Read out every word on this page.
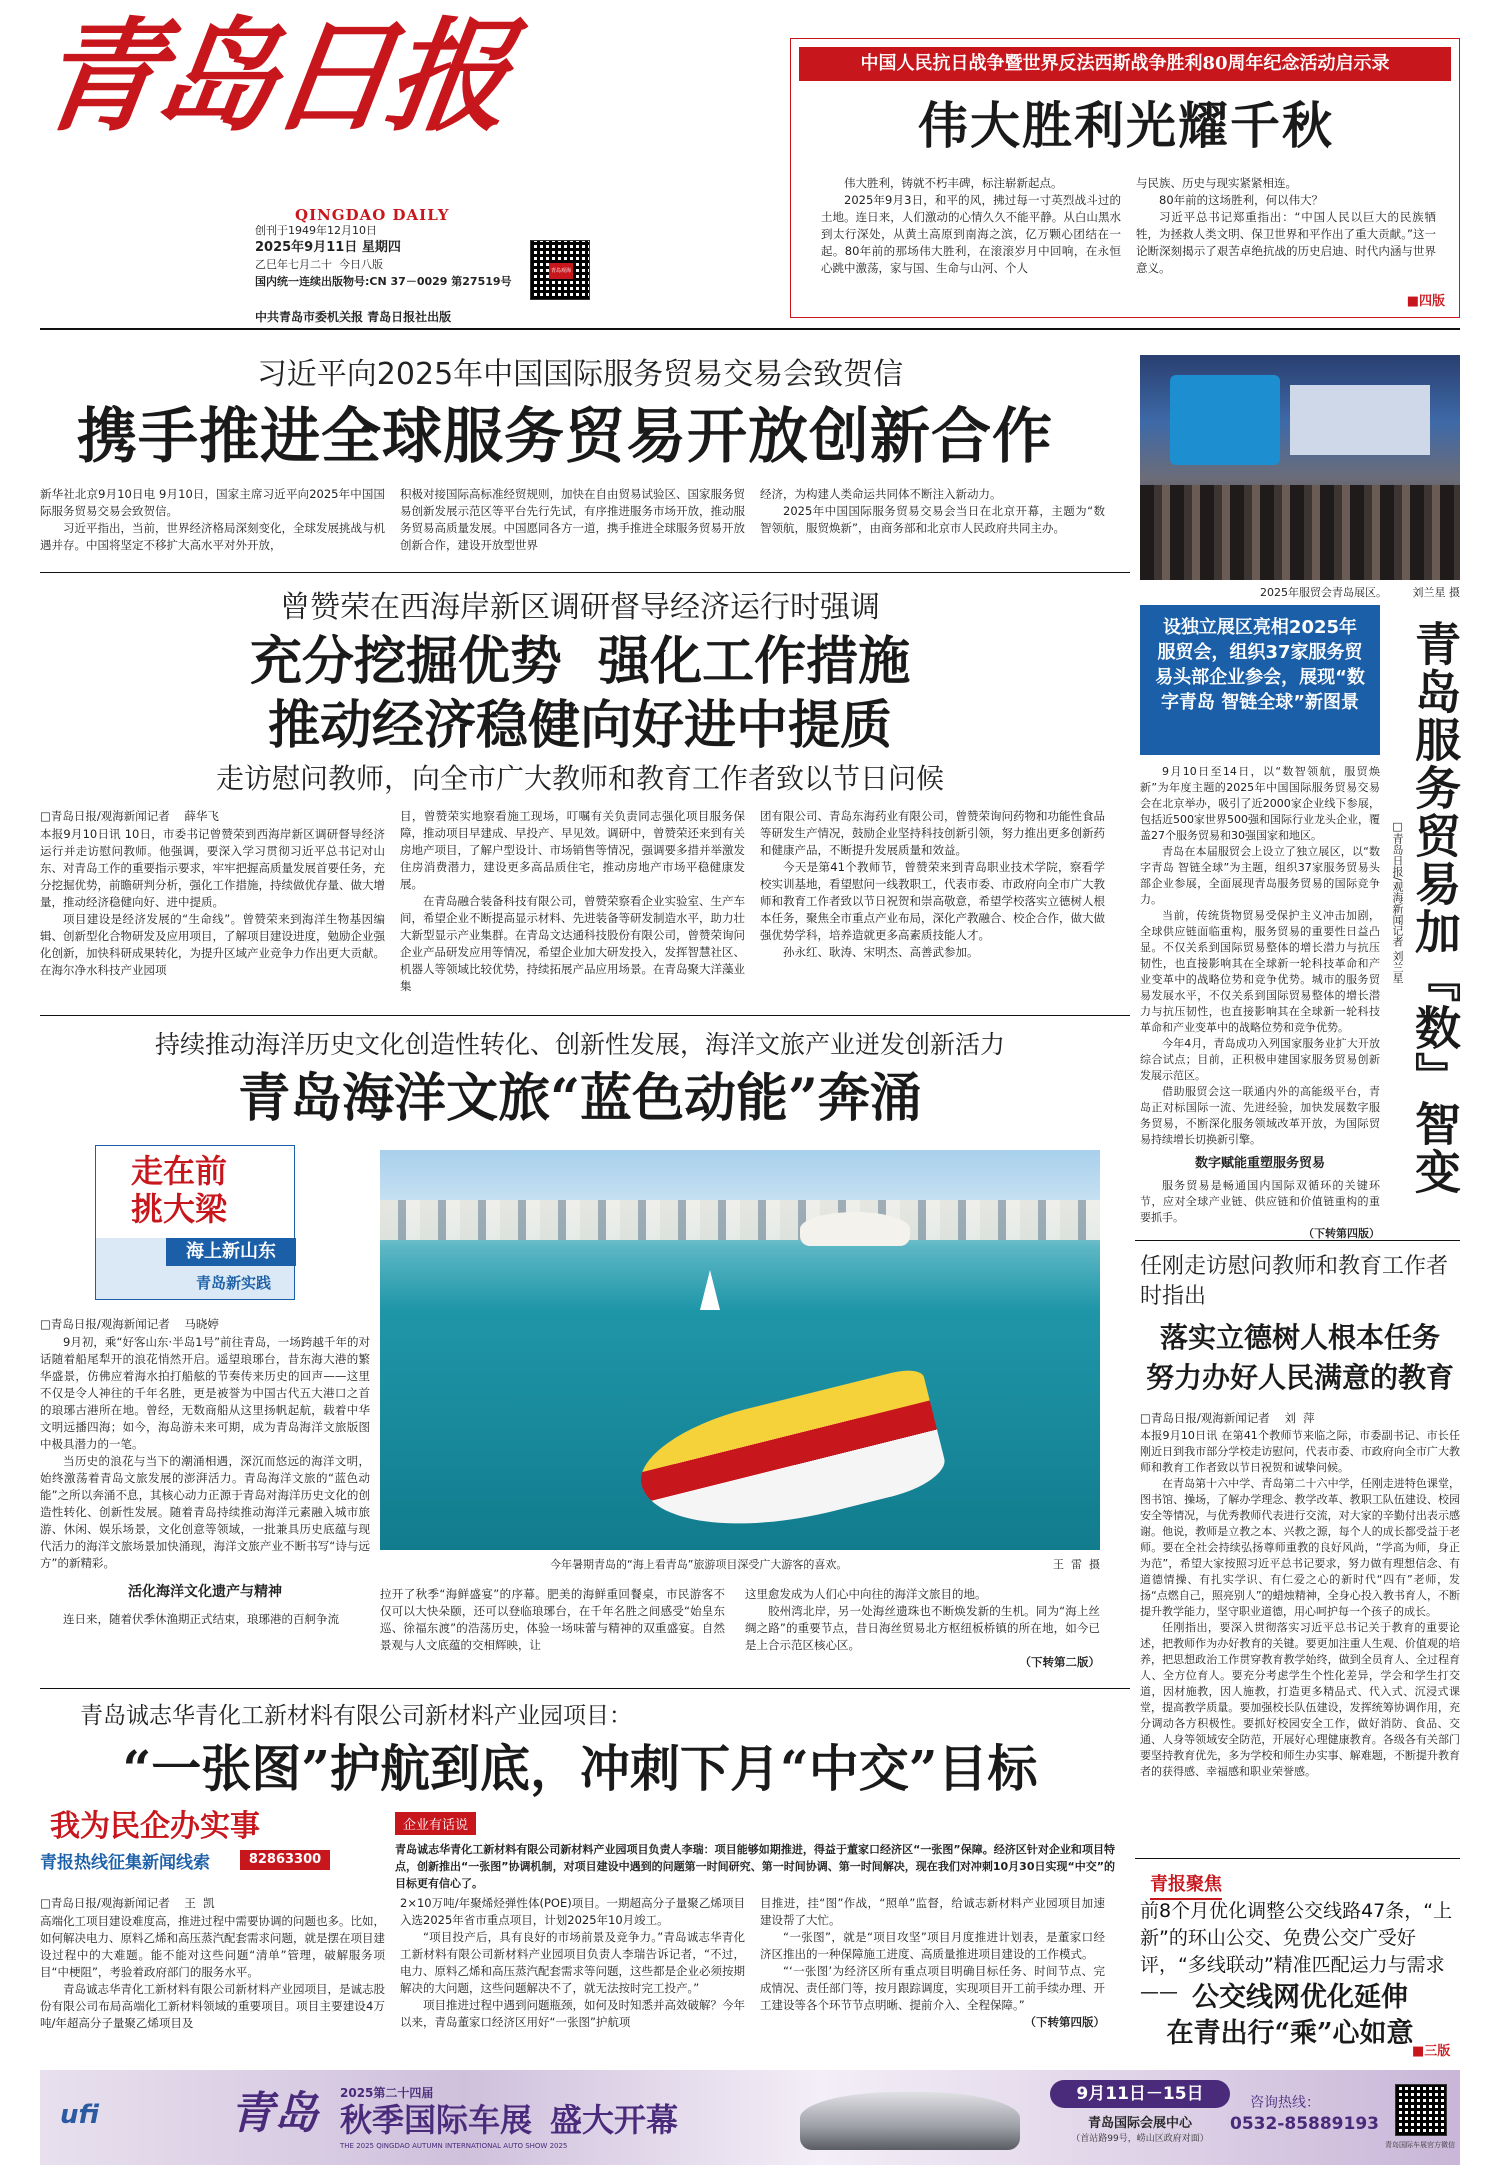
青岛日报
QINGDAO DAILY
创刊于1949年12月10日
2025年9月11日 星期四
乙巳年七月二十 今日八版
国内统一连续出版物号:CN 37－0029 第27519号
青岛观海
中共青岛市委机关报 青岛日报社出版
中国人民抗日战争暨世界反法西斯战争胜利80周年纪念活动启示录
伟大胜利光耀千秋

伟大胜利，铸就不朽丰碑，标注崭新起点。

2025年9月3日，和平的风，拂过每一寸英烈战斗过的土地。连日来，人们激动的心情久久不能平静。从白山黑水到太行深处，从黄土高原到南海之滨，亿万颗心团结在一起。80年前的那场伟大胜利，在滚滚岁月中回响，在永恒心跳中激荡，家与国、生命与山河、个人

与民族、历史与现实紧紧相连。

80年前的这场胜利，何以伟大？

习近平总书记郑重指出：“中国人民以巨大的民族牺牲，为拯救人类文明、保卫世界和平作出了重大贡献。”这一论断深刻揭示了艰苦卓绝抗战的历史启迪、时代内涵与世界意义。

■四版
习近平向2025年中国国际服务贸易交易会致贺信
携手推进全球服务贸易开放创新合作
新华社北京9月10日电 9月10日，国家主席习近平向2025年中国国际服务贸易交易会致贺信。

习近平指出，当前，世界经济格局深刻变化，全球发展挑战与机遇并存。中国将坚定不移扩大高水平对外开放，

积极对接国际高标准经贸规则，加快在自由贸易试验区、国家服务贸易创新发展示范区等平台先行先试，有序推进服务市场开放，推动服务贸易高质量发展。中国愿同各方一道，携手推进全球服务贸易开放创新合作，建设开放型世界
经济，为构建人类命运共同体不断注入新动力。

2025年中国国际服务贸易交易会当日在北京开幕，主题为“数智领航，服贸焕新”，由商务部和北京市人民政府共同主办。

2025年服贸会青岛展区。 刘兰星 摄
曾赞荣在西海岸新区调研督导经济运行时强调
充分挖掘优势  强化工作措施
推动经济稳健向好进中提质
走访慰问教师，向全市广大教师和教育工作者致以节日问候
□青岛日报/观海新闻记者    薛华飞
本报9月10日讯 10日，市委书记曾赞荣到西海岸新区调研督导经济运行并走访慰问教师。他强调，要深入学习贯彻习近平总书记对山东、对青岛工作的重要指示要求，牢牢把握高质量发展首要任务，充分挖掘优势，前瞻研判分析，强化工作措施，持续做优存量、做大增量，推动经济稳健向好、进中提质。

项目建设是经济发展的“生命线”。曾赞荣来到海洋生物基因编辑、创新型化合物研发及应用项目，了解项目建设进度，勉励企业强化创新，加快科研成果转化，为提升区域产业竞争力作出更大贡献。在海尔净水科技产业园项

目，曾赞荣实地察看施工现场，叮嘱有关负责同志强化项目服务保障，推动项目早建成、早投产、早见效。调研中，曾赞荣还来到有关房地产项目，了解户型设计、市场销售等情况，强调要多措并举激发住房消费潜力，建设更多高品质住宅，推动房地产市场平稳健康发展。

在青岛融合装备科技有限公司，曾赞荣察看企业实验室、生产车间，希望企业不断提高显示材料、先进装备等研发制造水平，助力壮大新型显示产业集群。在青岛文达通科技股份有限公司，曾赞荣询问企业产品研发应用等情况，希望企业加大研发投入，发挥智慧社区、机器人等领域比较优势，持续拓展产品应用场景。在青岛聚大洋藻业集

团有限公司、青岛东海药业有限公司，曾赞荣询问药物和功能性食品等研发生产情况，鼓励企业坚持科技创新引领，努力推出更多创新药和健康产品，不断提升发展质量和效益。

今天是第41个教师节，曾赞荣来到青岛职业技术学院，察看学校实训基地，看望慰问一线教职工，代表市委、市政府向全市广大教师和教育工作者致以节日祝贺和崇高敬意，希望学校落实立德树人根本任务，聚焦全市重点产业布局，深化产教融合、校企合作，做大做强优势学科，培养造就更多高素质技能人才。

孙永红、耿涛、宋明杰、高善武参加。

设独立展区亮相2025年服贸会，组织37家服务贸易头部企业参会，展现“数字青岛 智链全球”新图景 青岛服务贸易加『数』智变
□青岛日报/观海新闻记者 刘兰星

9月10日至14日，以“数智领航，服贸焕新”为年度主题的2025年中国国际服务贸易交易会在北京举办，吸引了近2000家企业线下参展，包括近500家世界500强和国际行业龙头企业，覆盖27个服务贸易和30强国家和地区。

青岛在本届服贸会上设立了独立展区，以“数字青岛 智链全球”为主题，组织37家服务贸易头部企业参展，全面展现青岛服务贸易的国际竞争力。

当前，传统货物贸易受保护主义冲击加剧，全球供应链面临重构，服务贸易的重要性日益凸显。不仅关系到国际贸易整体的增长潜力与抗压韧性，也直接影响其在全球新一轮科技革命和产业变革中的战略位势和竞争优势。城市的服务贸易发展水平，不仅关系到国际贸易整体的增长潜力与抗压韧性，也直接影响其在全球新一轮科技革命和产业变革中的战略位势和竞争优势。

今年4月，青岛成功入列国家服务业扩大开放综合试点；目前，正积极申建国家服务贸易创新发展示范区。

借助服贸会这一联通内外的高能级平台，青岛正对标国际一流、先进经验，加快发展数字服务贸易，不断深化服务领域改革开放，为国际贸易持续增长切换新引擎。

数字赋能重塑服务贸易

服务贸易是畅通国内国际双循环的关键环节，应对全球产业链、供应链和价值链重构的重要抓手。

（下转第四版）
持续推动海洋历史文化创造性转化、创新性发展，海洋文旅产业迸发创新活力
青岛海洋文旅“蓝色动能”奔涌
走在前
挑大梁
海上新山东
青岛新实践
□青岛日报/观海新闻记者    马晓婷

9月初，乘“好客山东·半岛1号”前往青岛，一场跨越千年的对话随着船尾犁开的浪花悄然开启。遥望琅琊台，昔东海大港的繁华盛景，仿佛应着海水拍打船舷的节奏传来历史的回声——这里不仅是令人神往的千年名胜，更是被誉为中国古代五大港口之首的琅琊古港所在地。曾经，无数商船从这里扬帆起航，载着中华文明远播四海；如今，海岛游未来可期，成为青岛海洋文旅版图中极具潜力的一笔。

当历史的浪花与当下的潮涌相遇，深沉而悠远的海洋文明，始终激荡着青岛文旅发展的澎湃活力。青岛海洋文旅的“蓝色动能”之所以奔涌不息，其核心动力正源于青岛对海洋历史文化的创造性转化、创新性发展。随着青岛持续推动海洋元素融入城市旅游、休闲、娱乐场景，文化创意等领域，一批兼具历史底蕴与现代活力的海洋文旅场景加快涌现，海洋文旅产业不断书写“诗与远方”的新精彩。

活化海洋文化遗产与精神

连日来，随着伏季休渔期正式结束，琅琊港的百舸争流

今年暑期青岛的“海上看青岛”旅游项目深受广大游客的喜欢。	王  雷  摄
拉开了秋季“海鲜盛宴”的序幕。肥美的海鲜重回餐桌，市民游客不仅可以大快朵颐，还可以登临琅琊台，在千年名胜之间感受“始皇东巡、徐福东渡”的浩荡历史，体验一场味蕾与精神的双重盛宴。自然景观与人文底蕴的交相辉映，让
这里愈发成为人们心中向往的海洋文旅目的地。

胶州湾北岸，另一处海丝遗珠也不断焕发新的生机。同为“海上丝绸之路”的重要节点，昔日海丝贸易北方枢纽板桥镇的所在地，如今已是上合示范区核心区。

（下转第二版）
任刚走访慰问教师和教育工作者时指出
落实立德树人根本任务
努力办好人民满意的教育
□青岛日报/观海新闻记者    刘  萍
本报9月10日讯 在第41个教师节来临之际，市委副书记、市长任刚近日到我市部分学校走访慰问，代表市委、市政府向全市广大教师和教育工作者致以节日祝贺和诚挚问候。

在青岛第十六中学、青岛第二十六中学，任刚走进特色课堂，图书馆、操场，了解办学理念、教学改革、教职工队伍建设、校园安全等情况，与优秀教师代表进行交流，对大家的辛勤付出表示感谢。他说，教师是立教之本、兴教之源，每个人的成长都受益于老师。要在全社会持续弘扬尊师重教的良好风尚，“学高为师，身正为范”，希望大家按照习近平总书记要求，努力做有理想信念、有道德情操、有扎实学识、有仁爱之心的新时代“四有”老师，发扬“点燃自己，照亮别人”的蜡烛精神，全身心投入教书育人，不断提升教学能力，坚守职业道德，用心呵护每一个孩子的成长。

任刚指出，要深入贯彻落实习近平总书记关于教育的重要论述，把教师作为办好教育的关键。要更加注重人生观、价值观的培养，把思想政治工作贯穿教育教学始终，做到全员育人、全过程育人、全方位育人。要充分考虑学生个性化差异，学会和学生打交道，因材施教，因人施教，打造更多精品式、代入式、沉浸式课堂，提高教学质量。要加强校长队伍建设，发挥统筹协调作用，充分调动各方积极性。要抓好校园安全工作，做好消防、食品、交通、人身等领域安全防范，开展好心理健康教育。各级各有关部门要坚持教育优先，多为学校和师生办实事、解难题，不断提升教育者的获得感、幸福感和职业荣誉感。

青岛诚志华青化工新材料有限公司新材料产业园项目：
“一张图”护航到底，冲刺下月“中交”目标
我为民企办实事
青报热线征集新闻线索	82863300
企业有话说
青岛诚志华青化工新材料有限公司新材料产业园项目负责人李瑞：项目能够如期推进，得益于董家口经济区“一张图”保障。经济区针对企业和项目特点，创新推出“一张图”协调机制，对项目建设中遇到的问题第一时间研究、第一时间协调、第一时间解决，现在我们对冲刺10月30日实现“中交”的目标更有信心了。
□青岛日报/观海新闻记者    王  凯
高端化工项目建设难度高，推进过程中需要协调的问题也多。比如，如何解决电力、原料乙烯和高压蒸汽配套需求问题，就是摆在项目建设过程中的大难题。能不能对这些问题“清单”管理，破解服务项目“中梗阻”，考验着政府部门的服务水平。

青岛诚志华青化工新材料有限公司新材料产业园项目，是诚志股份有限公司布局高端化工新材料领域的重要项目。项目主要建设4万吨/年超高分子量聚乙烯项目及

2×10万吨/年聚烯烃弹性体(POE)项目。一期超高分子量聚乙烯项目入选2025年省市重点项目，计划2025年10月竣工。

“项目投产后，具有良好的市场前景及竞争力。”青岛诚志华青化工新材料有限公司新材料产业园项目负责人李瑞告诉记者，“不过，电力、原料乙烯和高压蒸汽配套需求等问题，这些都是企业必须按期解决的大问题，这些问题解决不了，就无法按时完工投产。”

项目推进过程中遇到问题瓶颈，如何及时知悉并高效破解？今年以来，青岛董家口经济区用好“一张图”护航项

目推进，挂“图”作战，“照单”监督，给诚志新材料产业园项目加速建设帮了大忙。

“一张图”，就是“项目攻坚”项目月度推进计划表，是董家口经济区推出的一种保障施工进度、高质量推进项目建设的工作模式。

“‘一张图’为经济区所有重点项目明确目标任务、时间节点、完成情况、责任部门等，按月跟踪调度，实现项目开工前手续办理、开工建设等各个环节节点明晰、提前介入、全程保障。”

（下转第四版）
青报聚焦
前8个月优化调整公交线路47条，“上新”的环山公交、免费公交广受好评，“多线联动”精准匹配运力与需求—— 公交线网优化延伸
在青出行“乘”心如意
■三版
ufi	青岛 2025第二十四届
秋季国际车展
THE 2025 QINGDAO AUTUMN INTERNATIONAL AUTO SHOW 2025
盛大开幕
9月11日－15日
青岛国际会展中心
（首站路99号，崂山区政府对面）
咨询热线：
0532-85889193
青岛国际车展官方微信
